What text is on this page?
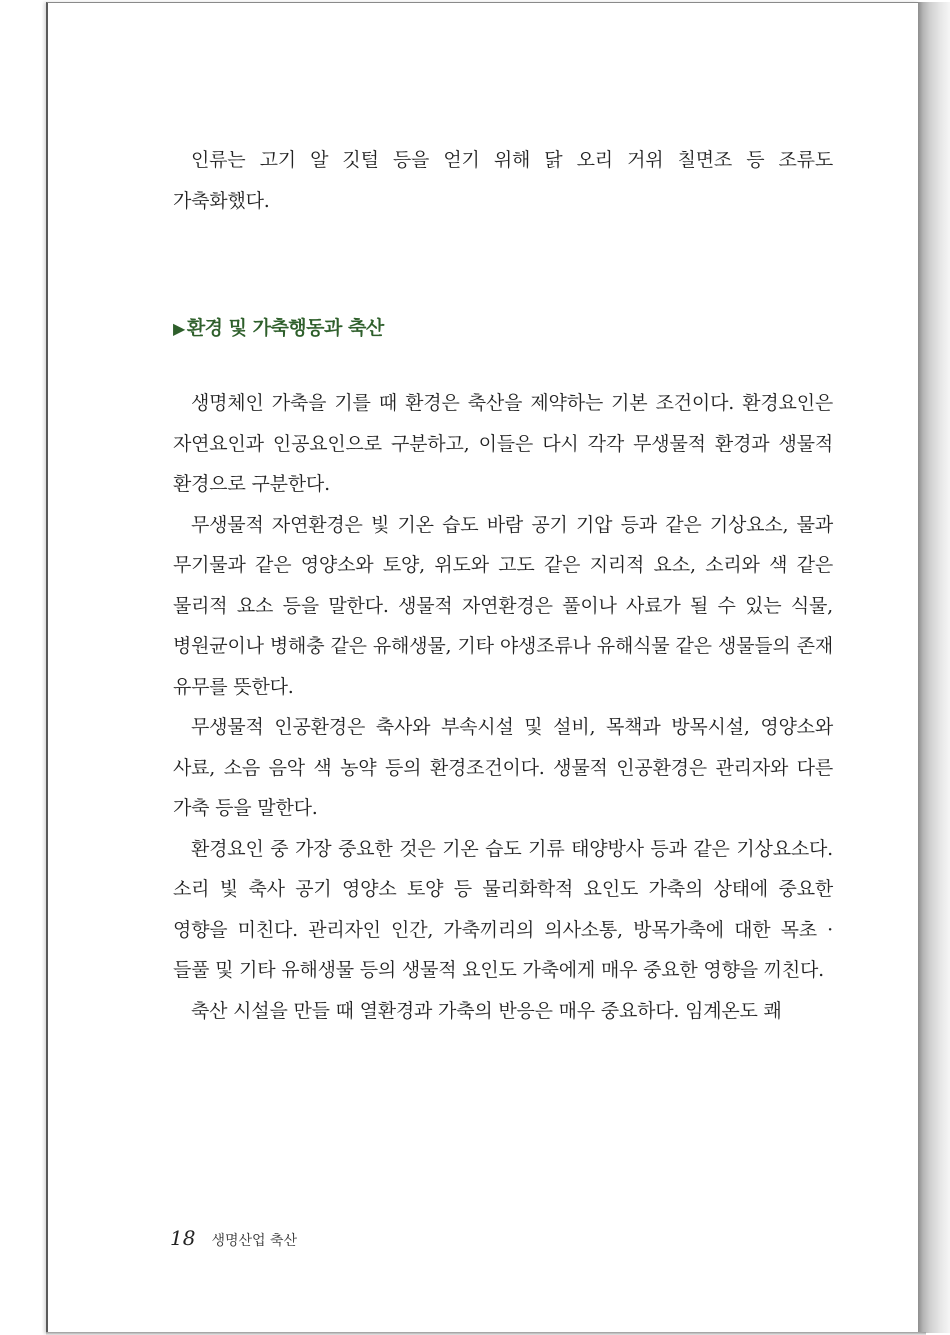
인류는 고기 알 깃털 등을 얻기 위해 닭 오리 거위 칠면조 등 조류도 가축화했다.

▶ 환경 및 가축행동과 축산

생명체인 가축을 기를 때 환경은 축산을 제약하는 기본 조건이다. 환경요인은 자연요인과 인공요인으로 구분하고, 이들은 다시 각각 무생물적 환경과 생물적 환경으로 구분한다.

무생물적 자연환경은 빛 기온 습도 바람 공기 기압 등과 같은 기상요소, 물과 무기물과 같은 영양소와 토양, 위도와 고도 같은 지리적 요소, 소리와 색 같은 물리적 요소 등을 말한다. 생물적 자연환경은 풀이나 사료가 될 수 있는 식물, 병원균이나 병해충 같은 유해생물, 기타 야생조류나 유해식물 같은 생물들의 존재 유무를 뜻한다.

무생물적 인공환경은 축사와 부속시설 및 설비, 목책과 방목시설, 영양소와 사료, 소음 음악 색 농약 등의 환경조건이다. 생물적 인공환경은 관리자와 다른 가축 등을 말한다.

환경요인 중 가장 중요한 것은 기온 습도 기류 태양방사 등과 같은 기상요소다. 소리 빛 축사 공기 영양소 토양 등 물리화학적 요인도 가축의 상태에 중요한 영향을 미친다. 관리자인 인간, 가축끼리의 의사소통, 방목가축에 대한 목초 · 들풀 및 기타 유해생물 등의 생물적 요인도 가축에게 매우 중요한 영향을 끼친다.

축산 시설을 만들 때 열환경과 가축의 반응은 매우 중요하다. 임계온도 쾌

18 생명산업 축산
